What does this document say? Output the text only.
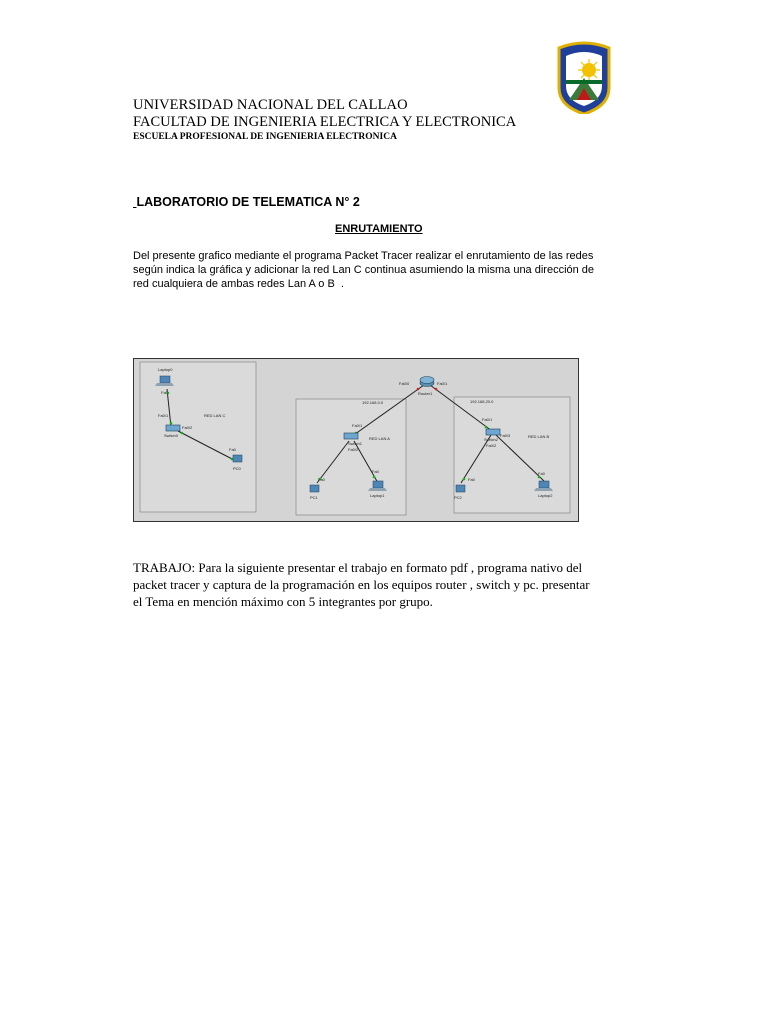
UNIVERSIDAD NACIONAL DEL CALLAO
FACULTAD DE INGENIERIA ELECTRICA Y ELECTRONICA
ESCUELA PROFESIONAL DE INGENIERIA ELECTRONICA
LABORATORIO DE TELEMATICA N° 2
ENRUTAMIENTO
Del presente grafico mediante el programa Packet Tracer realizar el enrutamiento de las redes
según indica la gráfica y adicionar la red Lan C continua asumiendo la misma una dirección de
red cualquiera de ambas redes Lan A o B  .
RED LAN C
RED LAN A	RED LAN B
192.168.0.0	192.168.20.0
Router1
Fa0/0	Fa0/1
Laptop0
Fa0
Fa0/1
Switch0
Fa0/2
Fa0
PC0
Fa0/1
Switch1
Fa0/2
Fa0
Fa0
PC1	Laptop1
Fa0/1
Fa0/3
Switch2
Fa0/2
Fa0
Fa0
PC2	Laptop2
TRABAJO: Para la siguiente presentar el trabajo en formato pdf , programa nativo del
packet tracer y captura de la programación en los equipos router , switch y pc. presentar
el Tema en mención máximo con 5 integrantes por grupo.
